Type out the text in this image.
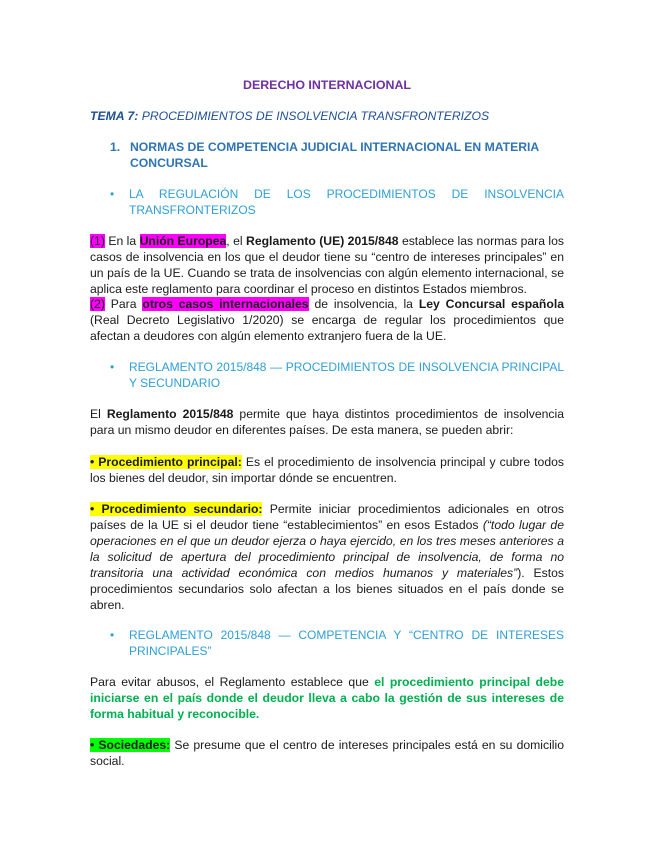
DERECHO INTERNACIONAL
TEMA 7: PROCEDIMIENTOS DE INSOLVENCIA TRANSFRONTERIZOS
1. NORMAS DE COMPETENCIA JUDICIAL INTERNACIONAL EN MATERIA CONCURSAL
• LA REGULACIÓN DE LOS PROCEDIMIENTOS DE INSOLVENCIA TRANSFRONTERIZOS
(1) En la Unión Europea, el Reglamento (UE) 2015/848 establece las normas para los casos de insolvencia en los que el deudor tiene su “centro de intereses principales” en un país de la UE. Cuando se trata de insolvencias con algún elemento internacional, se aplica este reglamento para coordinar el proceso en distintos Estados miembros.
(2) Para otros casos internacionales de insolvencia, la Ley Concursal española (Real Decreto Legislativo 1/2020) se encarga de regular los procedimientos que afectan a deudores con algún elemento extranjero fuera de la UE.
• REGLAMENTO 2015/848 — PROCEDIMIENTOS DE INSOLVENCIA PRINCIPAL Y SECUNDARIO
El Reglamento 2015/848 permite que haya distintos procedimientos de insolvencia para un mismo deudor en diferentes países. De esta manera, se pueden abrir:
• Procedimiento principal: Es el procedimiento de insolvencia principal y cubre todos los bienes del deudor, sin importar dónde se encuentren.
• Procedimiento secundario: Permite iniciar procedimientos adicionales en otros países de la UE si el deudor tiene “establecimientos” en esos Estados (“todo lugar de operaciones en el que un deudor ejerza o haya ejercido, en los tres meses anteriores a la solicitud de apertura del procedimiento principal de insolvencia, de forma no transitoria una actividad económica con medios humanos y materiales”). Estos procedimientos secundarios solo afectan a los bienes situados en el país donde se abren.
• REGLAMENTO 2015/848 — COMPETENCIA Y “CENTRO DE INTERESES PRINCIPALES”
Para evitar abusos, el Reglamento establece que el procedimiento principal debe iniciarse en el país donde el deudor lleva a cabo la gestión de sus intereses de forma habitual y reconocible.
• Sociedades: Se presume que el centro de intereses principales está en su domicilio social.
